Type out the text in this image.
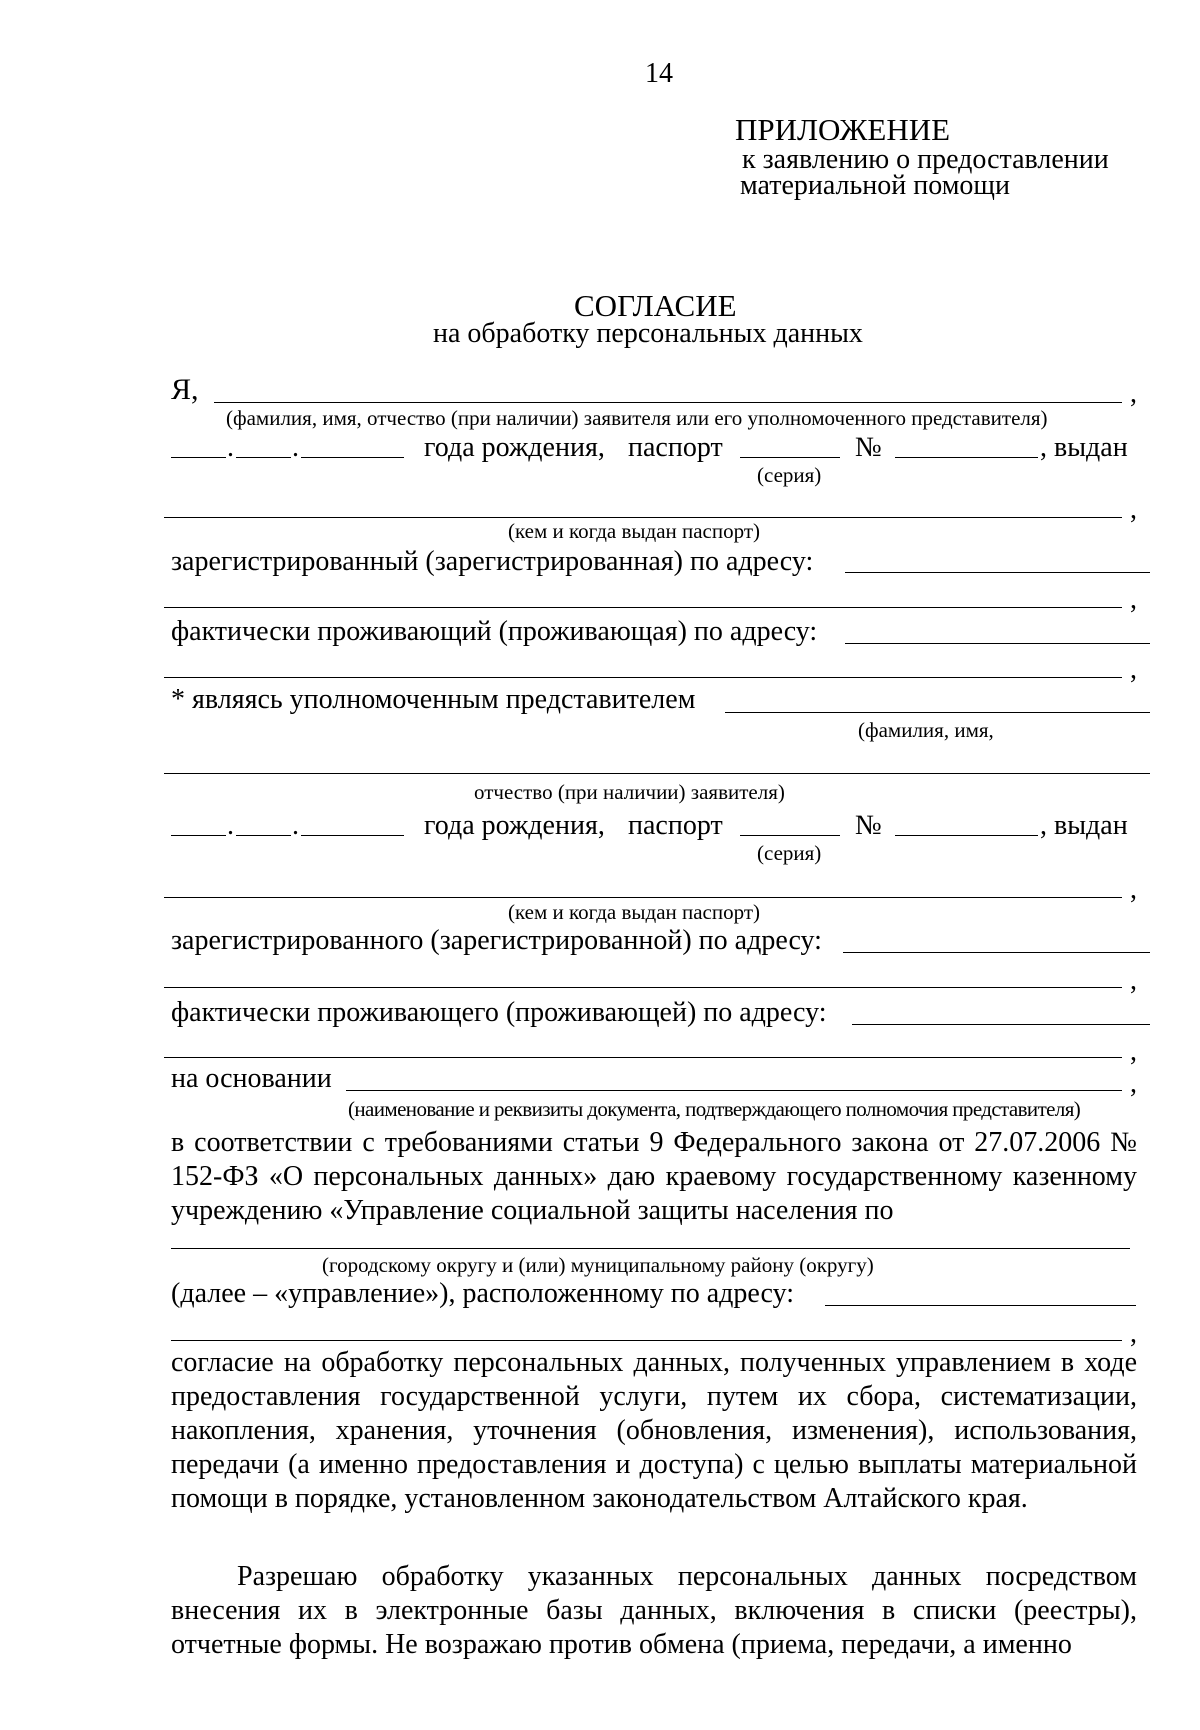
14
ПРИЛОЖЕНИЕ
к заявлению о предоставлении
материальной помощи
СОГЛАСИЕ
на обработку персональных данных
Я,	,
(фамилия, имя, отчество (при наличии) заявителя или его уполномоченного представителя)
. .	года рождения, паспорт	№	, выдан
(серия)
,
(кем и когда выдан паспорт)
зарегистрированный (зарегистрированная) по адресу:
,
фактически проживающий (проживающая) по адресу:
,
* являясь уполномоченным представителем
(фамилия, имя,
отчество (при наличии) заявителя)
. .	года рождения, паспорт	№	, выдан
(серия)
,
(кем и когда выдан паспорт)
зарегистрированного (зарегистрированной) по адресу:
,
фактически проживающего (проживающей) по адресу:
,
на основании	,
(наименование и реквизиты документа, подтверждающего полномочия представителя)
в соответствии с требованиями статьи 9 Федерального закона от 27.07.2006 № 152-ФЗ «О персональных данных» даю краевому государственному казенному учреждению «Управление социальной защиты населения по
(городскому округу и (или) муниципальному району (округу)
(далее – «управление»), расположенному по адресу:
,
согласие на обработку персональных данных, полученных управлением в ходе предоставления государственной услуги, путем их сбора, систематизации, накопления, хранения, уточнения (обновления, изменения), использования, передачи (а именно предоставления и доступа) с целью выплаты материальной помощи в порядке, установленном законодательством Алтайского края.
Разрешаю обработку указанных персональных данных посредством внесения их в электронные базы данных, включения в списки (реестры), отчетные формы. Не возражаю против обмена (приема, передачи, а именно
